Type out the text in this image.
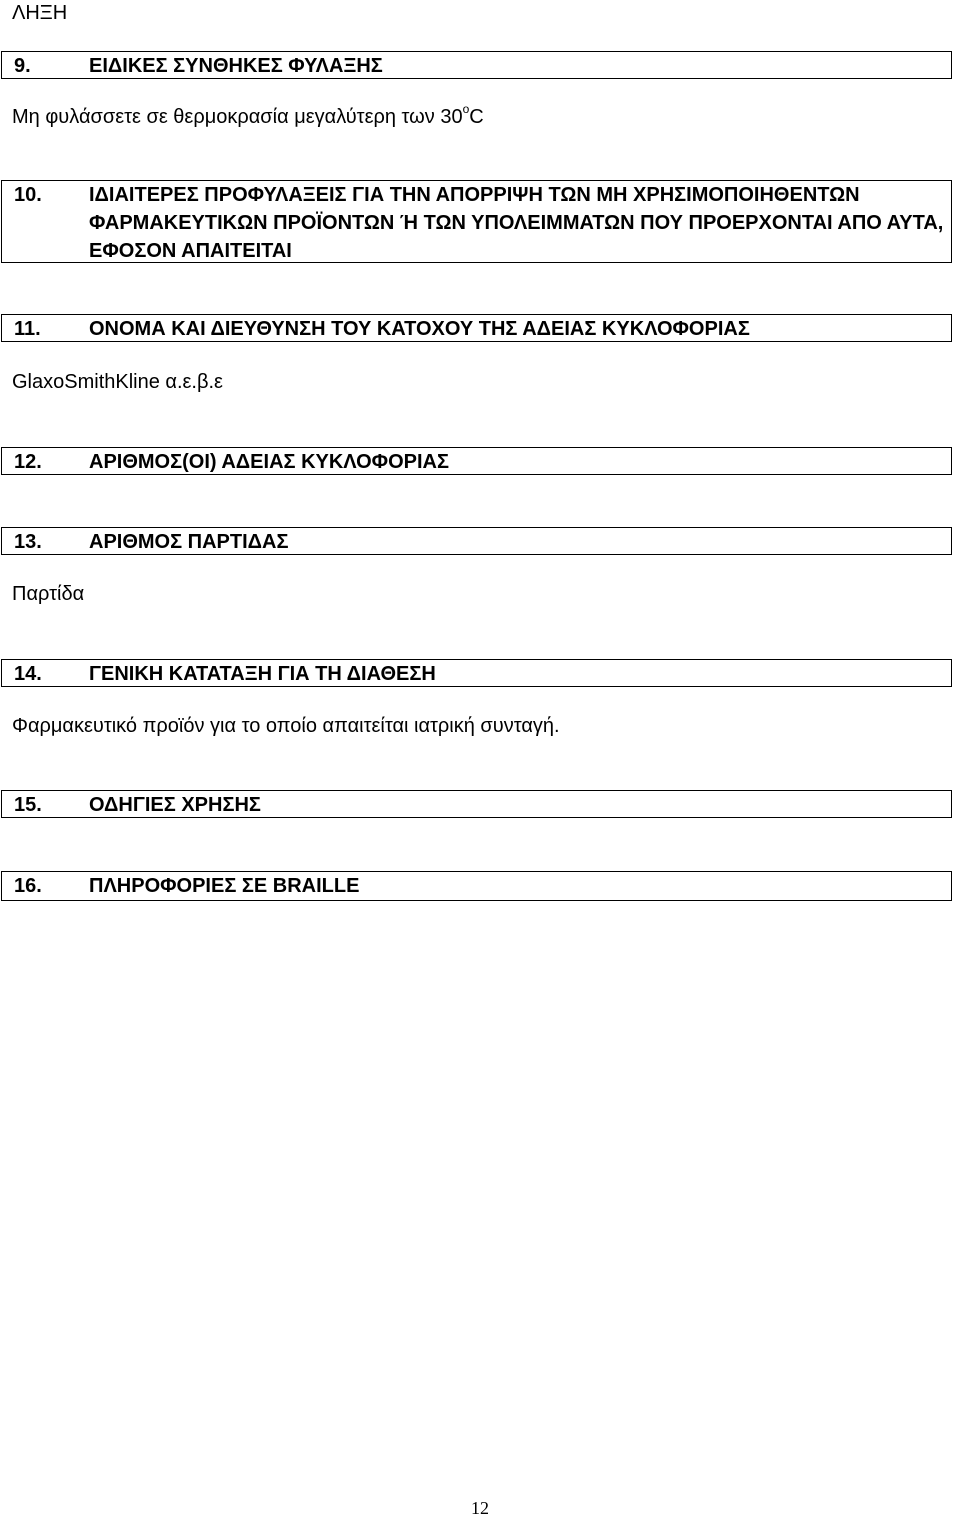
ΛΗΞΗ
9.	ΕΙΔΙΚΕΣ ΣΥΝΘΗΚΕΣ ΦΥΛΑΞΗΣ
Μη φυλάσσετε σε θερμοκρασία μεγαλύτερη των 30$^o$C
10.	ΙΔΙΑΙΤΕΡΕΣ ΠΡΟΦΥΛΑΞΕΙΣ ΓΙΑ ΤΗΝ ΑΠΟΡΡΙΨΗ ΤΩΝ ΜΗ ΧΡΗΣΙΜΟΠΟΙΗΘΕΝΤΩΝ ΦΑΡΜΑΚΕΥΤΙΚΩΝ ΠΡΟΪΟΝΤΩΝ Ή ΤΩΝ ΥΠΟΛΕΙΜΜΑΤΩΝ ΠΟΥ ΠΡΟΕΡΧΟΝΤΑΙ ΑΠΟ ΑΥΤΑ, ΕΦΟΣΟΝ ΑΠΑΙΤΕΙΤΑΙ
11.	ΟΝΟΜΑ ΚΑΙ ΔΙΕΥΘΥΝΣΗ ΤΟΥ ΚΑΤΟΧΟΥ ΤΗΣ ΑΔΕΙΑΣ ΚΥΚΛΟΦΟΡΙΑΣ
GlaxoSmithKline α.ε.β.ε
12.	ΑΡΙΘΜΟΣ(ΟΙ) ΑΔΕΙΑΣ ΚΥΚΛΟΦΟΡΙΑΣ
13.	ΑΡΙΘΜΟΣ ΠΑΡΤΙΔΑΣ
Παρτίδα
14.	ΓΕΝΙΚΗ ΚΑΤΑΤΑΞΗ ΓΙΑ ΤΗ ΔΙΑΘΕΣΗ
Φαρμακευτικό προϊόν για το οποίο απαιτείται ιατρική συνταγή.
15.	ΟΔΗΓΙΕΣ ΧΡΗΣΗΣ
16.	ΠΛΗΡΟΦΟΡΙΕΣ ΣΕ BRAILLE
12
